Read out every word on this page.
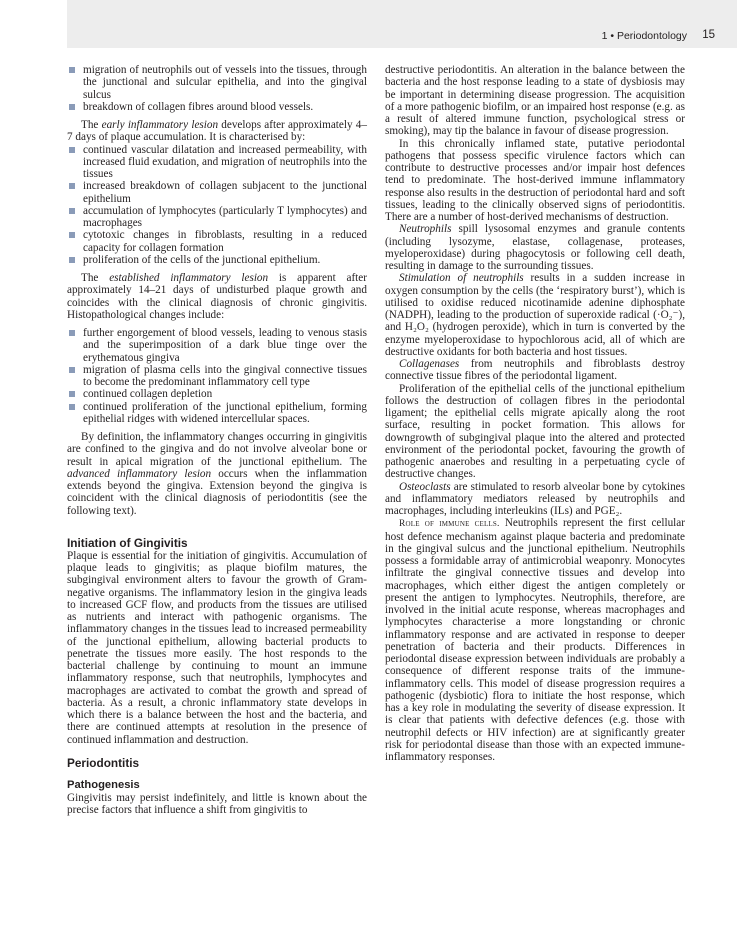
1 • Periodontology 15
migration of neutrophils out of vessels into the tissues, through the junctional and sulcular epithelia, and into the gingival sulcus
breakdown of collagen fibres around blood vessels.

The early inflammatory lesion develops after approximately 4–7 days of plaque accumulation. It is characterised by:

continued vascular dilatation and increased permeability, with increased fluid exudation, and migration of neutrophils into the tissues
increased breakdown of collagen subjacent to the junctional epithelium
accumulation of lymphocytes (particularly T lymphocytes) and macrophages
cytotoxic changes in fibroblasts, resulting in a reduced capacity for collagen formation
proliferation of the cells of the junctional epithelium.

The established inflammatory lesion is apparent after approximately 14–21 days of undisturbed plaque growth and coincides with the clinical diagnosis of chronic gingivitis. Histopathological changes include:

further engorgement of blood vessels, leading to venous stasis and the superimposition of a dark blue tinge over the erythematous gingiva
migration of plasma cells into the gingival connective tissues to become the predominant inflammatory cell type
continued collagen depletion
continued proliferation of the junctional epithelium, forming epithelial ridges with widened intercellular spaces.

By definition, the inflammatory changes occurring in gingivitis are confined to the gingiva and do not involve alveolar bone or result in apical migration of the junctional epithelium. The advanced inflammatory lesion occurs when the inflammation extends beyond the gingiva. Extension beyond the gingiva is coincident with the clinical diagnosis of periodontitis (see the following text).

Initiation of Gingivitis

Plaque is essential for the initiation of gingivitis. Accumulation of plaque leads to gingivitis; as plaque biofilm matures, the subgingival environment alters to favour the growth of Gram-negative organisms. The inflammatory lesion in the gingiva leads to increased GCF flow, and products from the tissues are utilised as nutrients and interact with pathogenic organisms. The inflammatory changes in the tissues lead to increased permeability of the junctional epithelium, allowing bacterial products to penetrate the tissues more easily. The host responds to the bacterial challenge by continuing to mount an immune inflammatory response, such that neutrophils, lymphocytes and macrophages are activated to combat the growth and spread of bacteria. As a result, a chronic inflammatory state develops in which there is a balance between the host and the bacteria, and there are continued attempts at resolution in the presence of continued inflammation and destruction.

Periodontitis
Pathogenesis

Gingivitis may persist indefinitely, and little is known about the precise factors that influence a shift from gingivitis to

destructive periodontitis. An alteration in the balance between the bacteria and the host response leading to a state of dysbiosis may be important in determining disease progression. The acquisition of a more pathogenic biofilm, or an impaired host response (e.g. as a result of altered immune function, psychological stress or smoking), may tip the balance in favour of disease progression.

In this chronically inflamed state, putative periodontal pathogens that possess specific virulence factors which can contribute to destructive processes and/or impair host defences tend to predominate. The host-derived immune inflammatory response also results in the destruction of periodontal hard and soft tissues, leading to the clinically observed signs of periodontitis. There are a number of host-derived mechanisms of destruction.

Neutrophils spill lysosomal enzymes and granule contents (including lysozyme, elastase, collagenase, proteases, myeloperoxidase) during phagocytosis or following cell death, resulting in damage to the surrounding tissues.

Stimulation of neutrophils results in a sudden increase in oxygen consumption by the cells (the ‘respiratory burst’), which is utilised to oxidise reduced nicotinamide adenine diphosphate (NADPH), leading to the production of superoxide radical (·O₂⁻), and H₂O₂ (hydrogen peroxide), which in turn is converted by the enzyme myeloperoxidase to hypochlorous acid, all of which are destructive oxidants for both bacteria and host tissues.

Collagenases from neutrophils and fibroblasts destroy connective tissue fibres of the periodontal ligament.

Proliferation of the epithelial cells of the junctional epithelium follows the destruction of collagen fibres in the periodontal ligament; the epithelial cells migrate apically along the root surface, resulting in pocket formation. This allows for downgrowth of subgingival plaque into the altered and protected environment of the periodontal pocket, favouring the growth of pathogenic anaerobes and resulting in a perpetuating cycle of destructive changes.

Osteoclasts are stimulated to resorb alveolar bone by cytokines and inflammatory mediators released by neutrophils and macrophages, including interleukins (ILs) and PGE₂.

Role of immune cells. Neutrophils represent the first cellular host defence mechanism against plaque bacteria and predominate in the gingival sulcus and the junctional epithelium. Neutrophils possess a formidable array of antimicrobial weaponry. Monocytes infiltrate the gingival connective tissues and develop into macrophages, which either digest the antigen completely or present the antigen to lymphocytes. Neutrophils, therefore, are involved in the initial acute response, whereas macrophages and lymphocytes characterise a more longstanding or chronic inflammatory response and are activated in response to deeper penetration of bacteria and their products. Differences in periodontal disease expression between individuals are probably a consequence of different response traits of the immune-inflammatory cells. This model of disease progression requires a pathogenic (dysbiotic) flora to initiate the host response, which has a key role in modulating the severity of disease expression. It is clear that patients with defective defences (e.g. those with neutrophil defects or HIV infection) are at significantly greater risk for periodontal disease than those with an expected immune-inflammatory responses.
